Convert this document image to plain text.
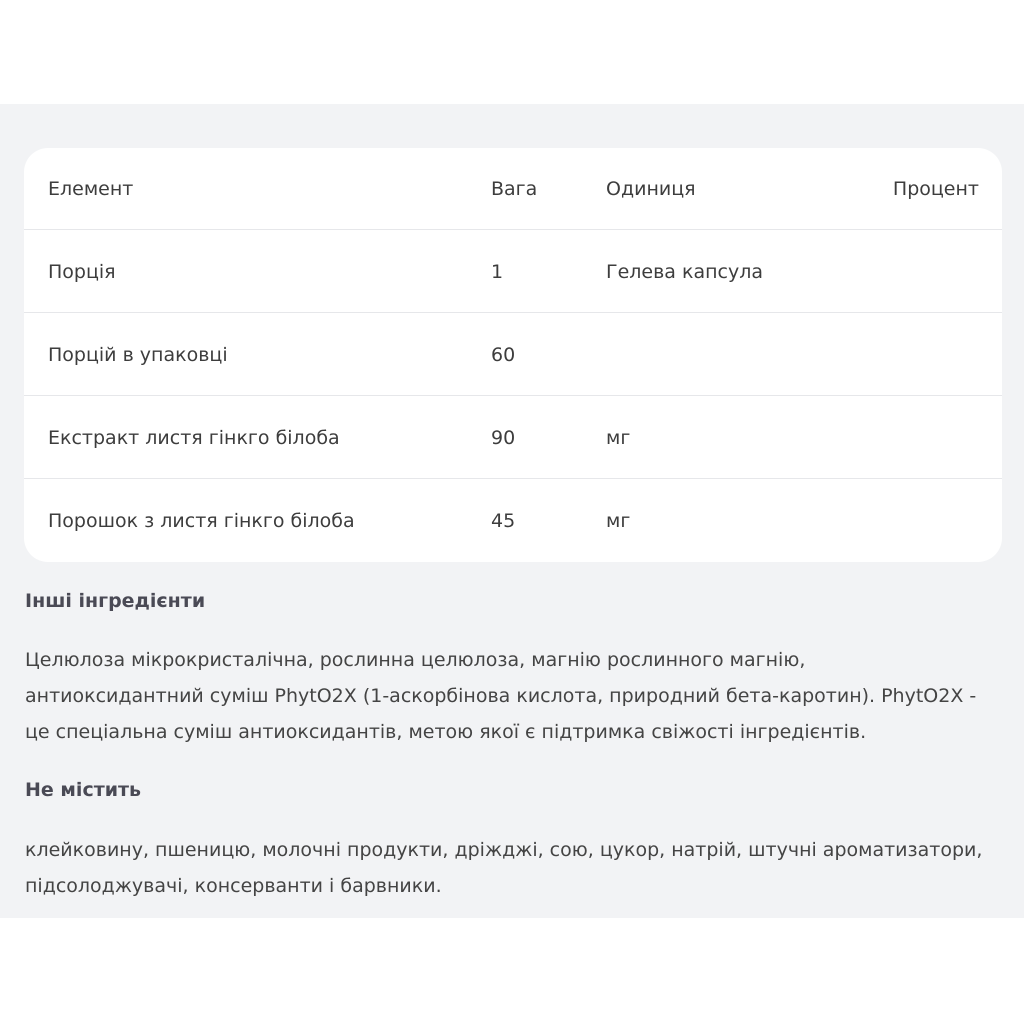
Елемент	Вага	Одиниця	Процент
Порція	1	Гелева капсула
Порцій в упаковці	60
Екстракт листя гінкго білоба	90	мг
Порошок з листя гінкго білоба	45	мг
Інші інгредієнти
Целюлоза мікрокристалічна, рослинна целюлоза, магнію рослинного магнію,
антиоксидантний суміш PhytO2X (1-аскорбінова кислота, природний бета-каротин). PhytO2X -
це спеціальна суміш антиоксидантів, метою якої є підтримка свіжості інгредієнтів.
Не містить
клейковину, пшеницю, молочні продукти, дріжджі, сою, цукор, натрій, штучні ароматизатори,
підсолоджувачі, консерванти і барвники.
